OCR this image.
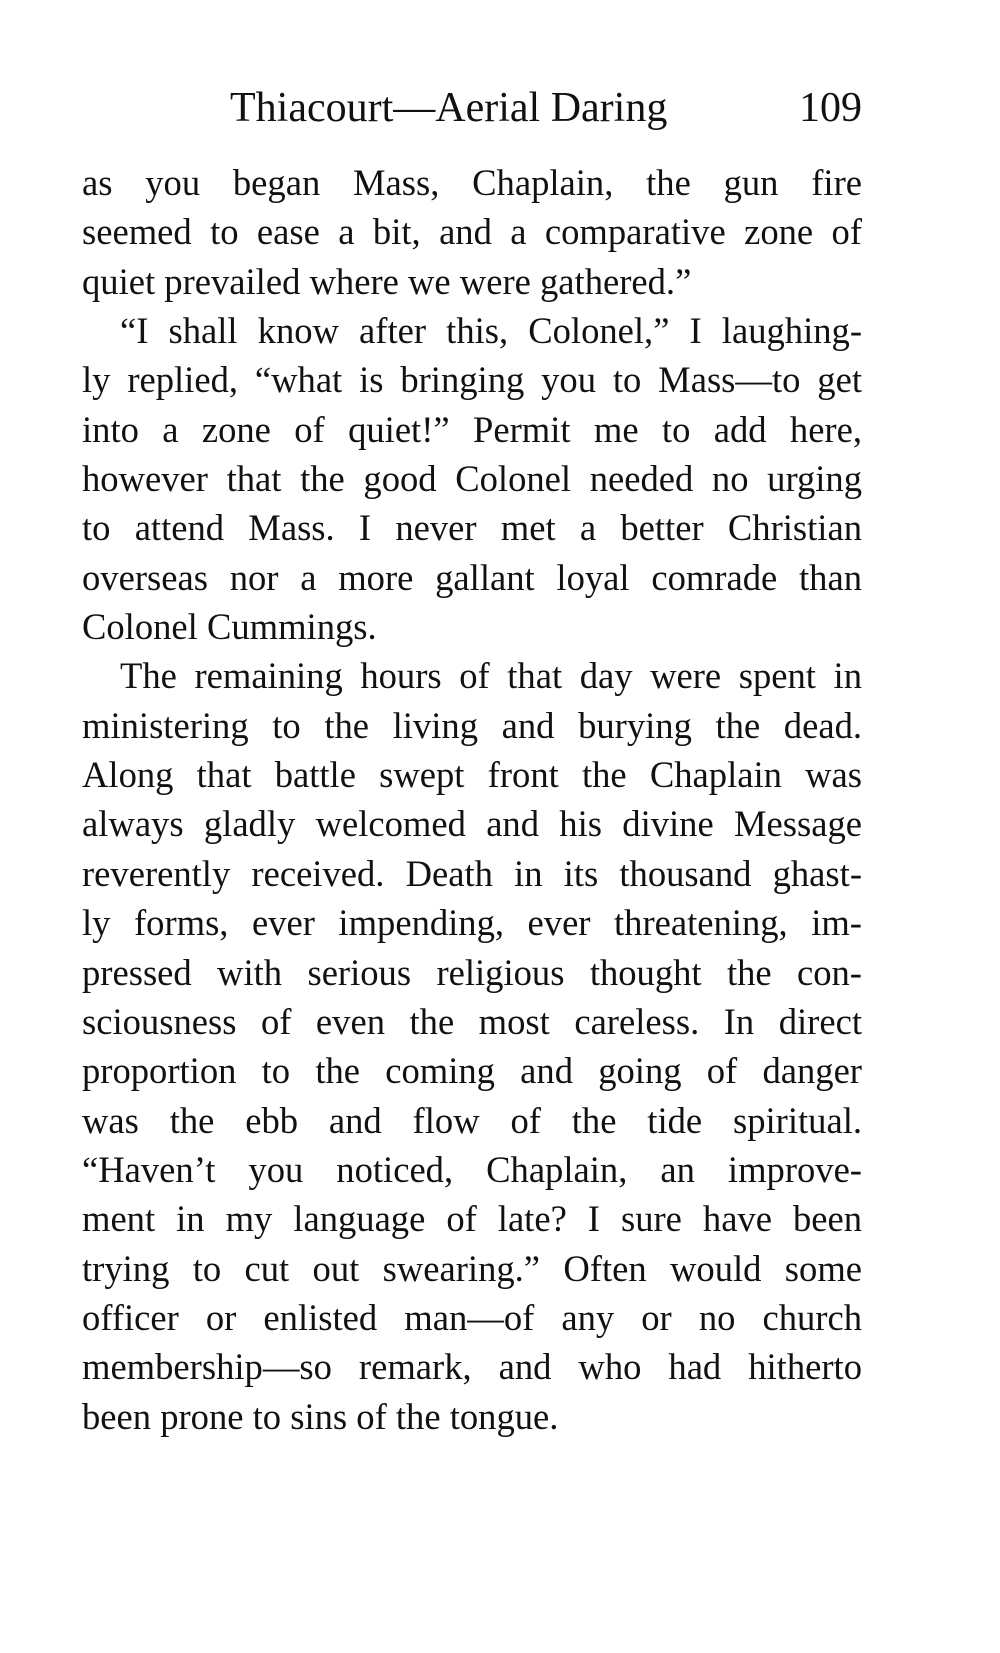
Thiacourt—Aerial Daring	109
as you began Mass, Chaplain, the gun fire
seemed to ease a bit, and a comparative zone of
quiet prevailed where we were gathered.”
“I shall know after this, Colonel,” I laughing-
ly replied, “what is bringing you to Mass—to get
into a zone of quiet!” Permit me to add here,
however that the good Colonel needed no urging
to attend Mass. I never met a better Christian
overseas nor a more gallant loyal comrade than
Colonel Cummings.
The remaining hours of that day were spent in
ministering to the living and burying the dead.
Along that battle swept front the Chaplain was
always gladly welcomed and his divine Message
reverently received. Death in its thousand ghast-
ly forms, ever impending, ever threatening, im-
pressed with serious religious thought the con-
sciousness of even the most careless. In direct
proportion to the coming and going of danger
was the ebb and flow of the tide spiritual.
“Haven’t you noticed, Chaplain, an improve-
ment in my language of late? I sure have been
trying to cut out swearing.” Often would some
officer or enlisted man—of any or no church
membership—so remark, and who had hitherto
been prone to sins of the tongue.
